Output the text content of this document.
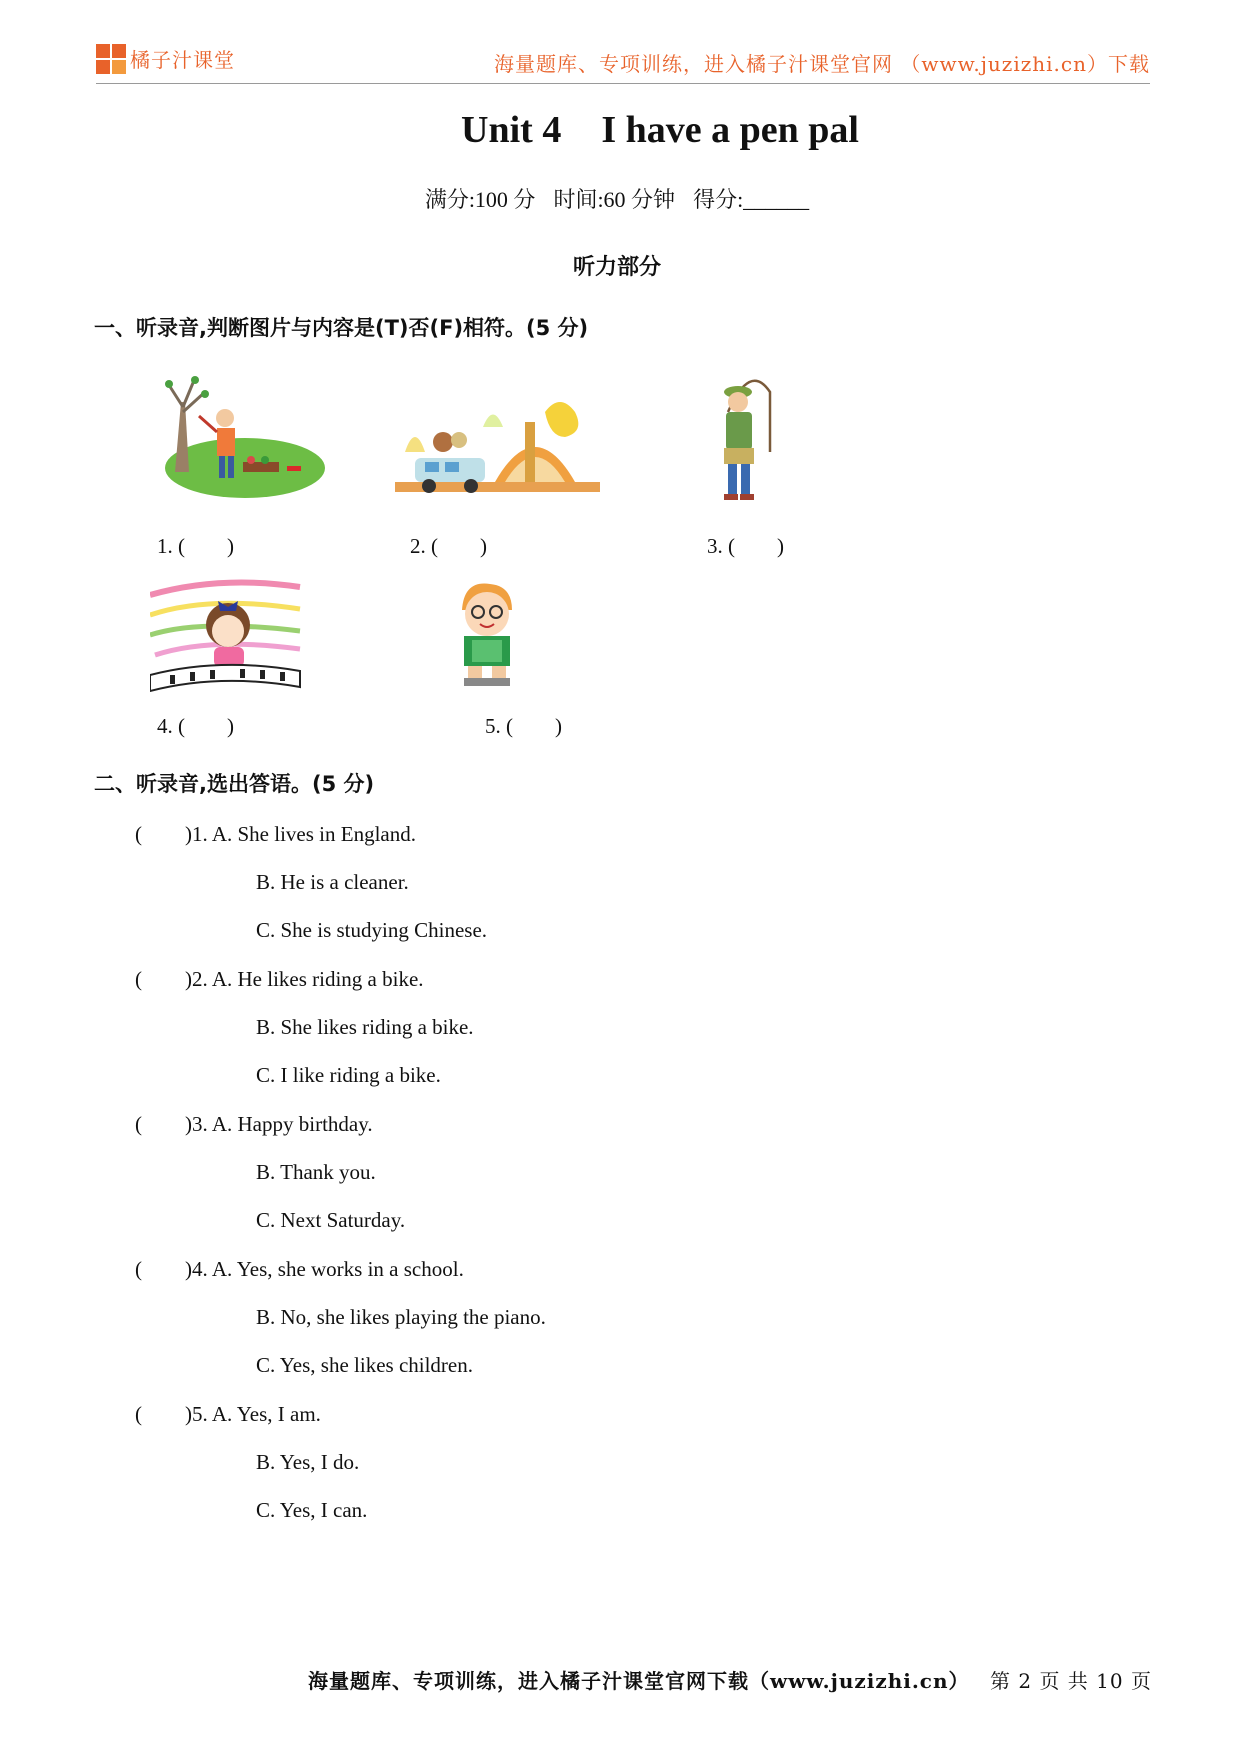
橘子汁课堂	海量题库、专项训练，进入橘子汁课堂官网 （www.juzizhi.cn）下载
Unit 4 I have a pen pal
满分:100 分 时间:60 分钟 得分:______
听力部分
一、听录音,判断图片与内容是(T)否(F)相符。(5 分)
1. (　　)	2. (　　)	3. (　　)
4. (　　)	5. (　　)
二、听录音,选出答语。(5 分)
( )1. A. She lives in England.
B. He is a cleaner.
C. She is studying Chinese.
( )2. A. He likes riding a bike.
B. She likes riding a bike.
C. I like riding a bike.
( )3. A. Happy birthday.
B. Thank you.
C. Next Saturday.
( )4. A. Yes, she works in a school.
B. No, she likes playing the piano.
C. Yes, she likes children.
( )5. A. Yes, I am.
B. Yes, I do.
C. Yes, I can.
海量题库、专项训练，进入橘子汁课堂官网下载（www.juzizhi.cn） 第 2 页 共 10 页
